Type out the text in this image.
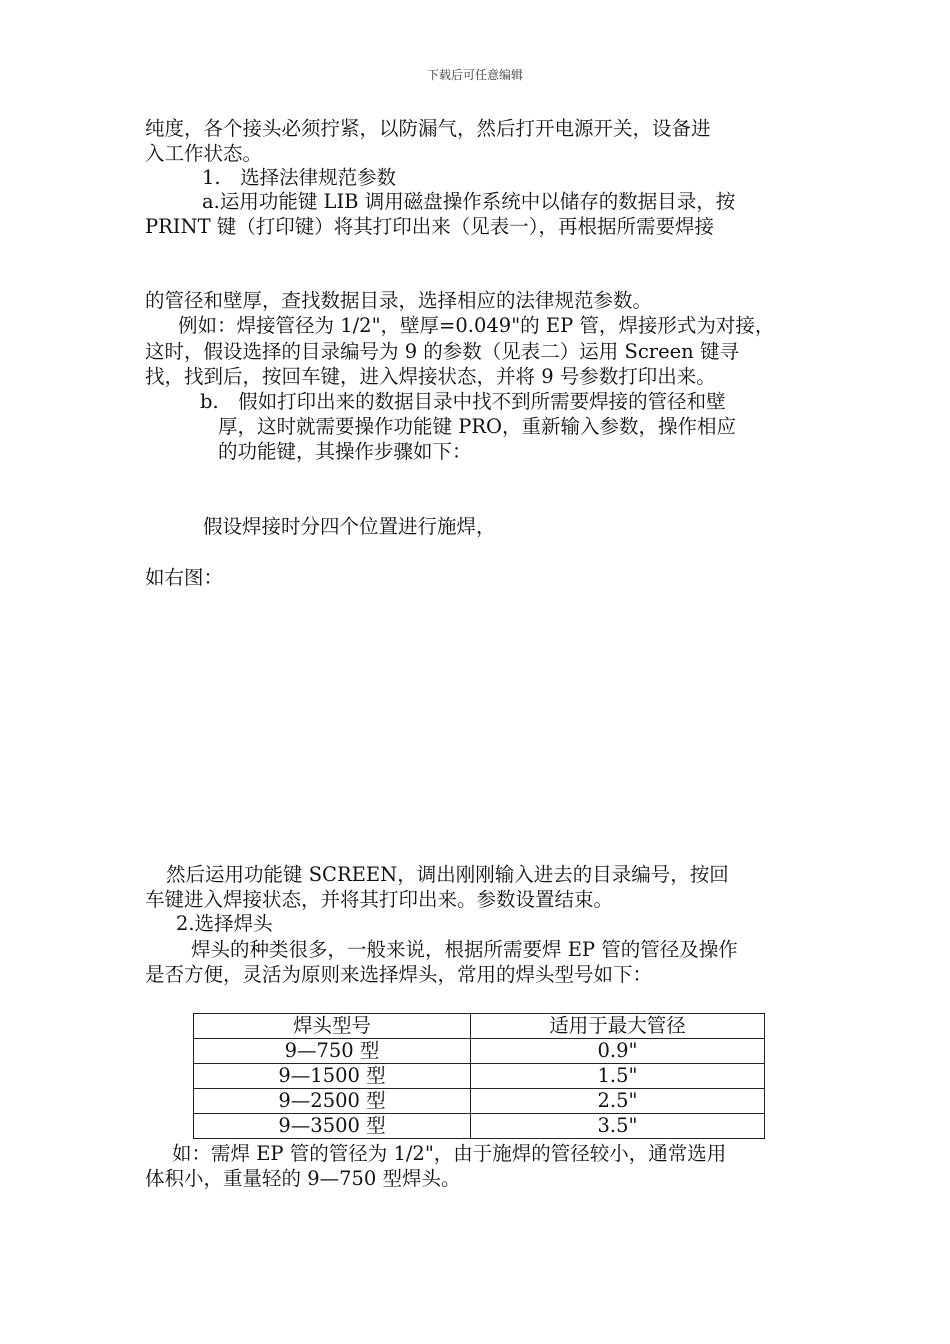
下载后可任意编辑
纯度，各个接头必须拧紧，以防漏气，然后打开电源开关，设备进
入工作状态。
1.　选择法律规范参数
a.运用功能键 LIB 调用磁盘操作系统中以储存的数据目录，按
PRINT 键（打印键）将其打印出来（见表一），再根据所需要焊接
的管径和壁厚，查找数据目录，选择相应的法律规范参数。
例如：焊接管径为 1/2"，壁厚=0.049"的 EP 管，焊接形式为对接，
这时，假设选择的目录编号为 9 的参数（见表二）运用 Screen 键寻
找，找到后，按回车键，进入焊接状态，并将 9 号参数打印出来。
b.　假如打印出来的数据目录中找不到所需要焊接的管径和壁
厚，这时就需要操作功能键 PRO，重新输入参数，操作相应
的功能键，其操作步骤如下：
假设焊接时分四个位置进行施焊，
如右图：
然后运用功能键 SCREEN，调出刚刚输入进去的目录编号，按回
车键进入焊接状态，并将其打印出来。参数设置结束。
2.选择焊头
焊头的种类很多，一般来说，根据所需要焊 EP 管的管径及操作
是否方便，灵活为原则来选择焊头，常用的焊头型号如下：
焊头型号	适用于最大管径
9—750 型	0.9"
9—1500 型	1.5"
9—2500 型	2.5"
9—3500 型	3.5"
如：需焊 EP 管的管径为 1/2"，由于施焊的管径较小，通常选用
体积小，重量轻的 9—750 型焊头。
